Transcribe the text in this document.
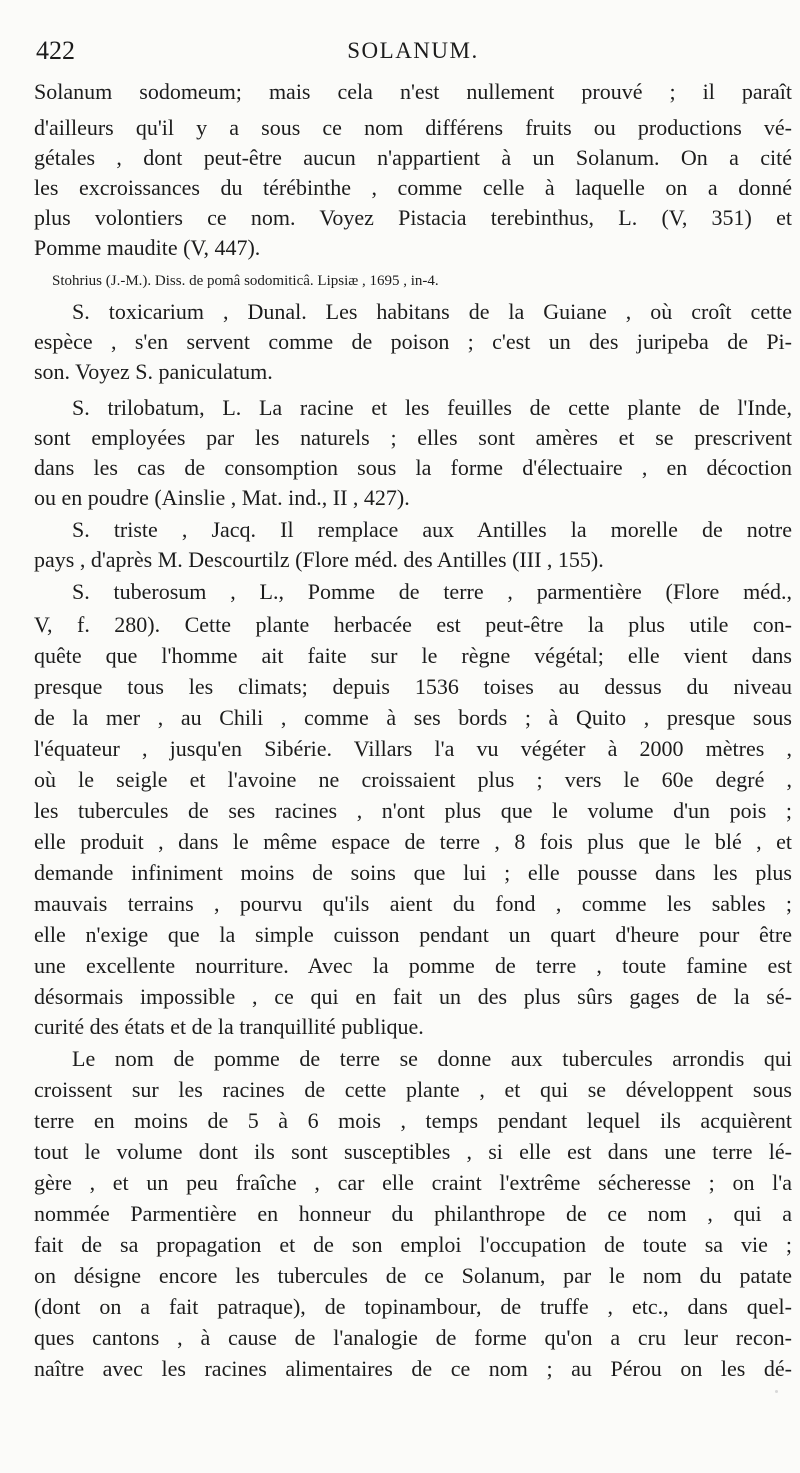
422	SOLANUM.
Solanum sodomeum; mais cela n'est nullement prouvé ; il paraît
d'ailleurs qu'il y a sous ce nom différens fruits ou productions vé-
gétales , dont peut-être aucun n'appartient à un Solanum. On a cité
les excroissances du térébinthe , comme celle à laquelle on a donné
plus volontiers ce nom. Voyez Pistacia terebinthus, L. (V, 351) et
Pomme maudite (V, 447).
Stohrius (J.-M.). Diss. de pomâ sodomiticâ. Lipsiæ , 1695 , in-4.
S. toxicarium , Dunal. Les habitans de la Guiane , où croît cette
espèce , s'en servent comme de poison ; c'est un des juripeba de Pi-
son. Voyez S. paniculatum.
S. trilobatum, L. La racine et les feuilles de cette plante de l'Inde,
sont employées par les naturels ; elles sont amères et se prescrivent
dans les cas de consomption sous la forme d'électuaire , en décoction
ou en poudre (Ainslie , Mat. ind., II , 427).
S. triste , Jacq. Il remplace aux Antilles la morelle de notre
pays , d'après M. Descourtilz (Flore méd. des Antilles (III , 155).
S. tuberosum , L., Pomme de terre , parmentière (Flore méd.,
V, f. 280). Cette plante herbacée est peut-être la plus utile con-
quête que l'homme ait faite sur le règne végétal; elle vient dans
presque tous les climats; depuis 1536 toises au dessus du niveau
de la mer , au Chili , comme à ses bords ; à Quito , presque sous
l'équateur , jusqu'en Sibérie. Villars l'a vu végéter à 2000 mètres ,
où le seigle et l'avoine ne croissaient plus ; vers le 60e degré ,
les tubercules de ses racines , n'ont plus que le volume d'un pois ;
elle produit , dans le même espace de terre , 8 fois plus que le blé , et
demande infiniment moins de soins que lui ; elle pousse dans les plus
mauvais terrains , pourvu qu'ils aient du fond , comme les sables ;
elle n'exige que la simple cuisson pendant un quart d'heure pour être
une excellente nourriture. Avec la pomme de terre , toute famine est
désormais impossible , ce qui en fait un des plus sûrs gages de la sé-
curité des états et de la tranquillité publique.
Le nom de pomme de terre se donne aux tubercules arrondis qui
croissent sur les racines de cette plante , et qui se développent sous
terre en moins de 5 à 6 mois , temps pendant lequel ils acquièrent
tout le volume dont ils sont susceptibles , si elle est dans une terre lé-
gère , et un peu fraîche , car elle craint l'extrême sécheresse ; on l'a
nommée Parmentière en honneur du philanthrope de ce nom , qui a
fait de sa propagation et de son emploi l'occupation de toute sa vie ;
on désigne encore les tubercules de ce Solanum, par le nom du patate
(dont on a fait patraque), de topinambour, de truffe , etc., dans quel-
ques cantons , à cause de l'analogie de forme qu'on a cru leur recon-
naître avec les racines alimentaires de ce nom ; au Pérou on les dé-
